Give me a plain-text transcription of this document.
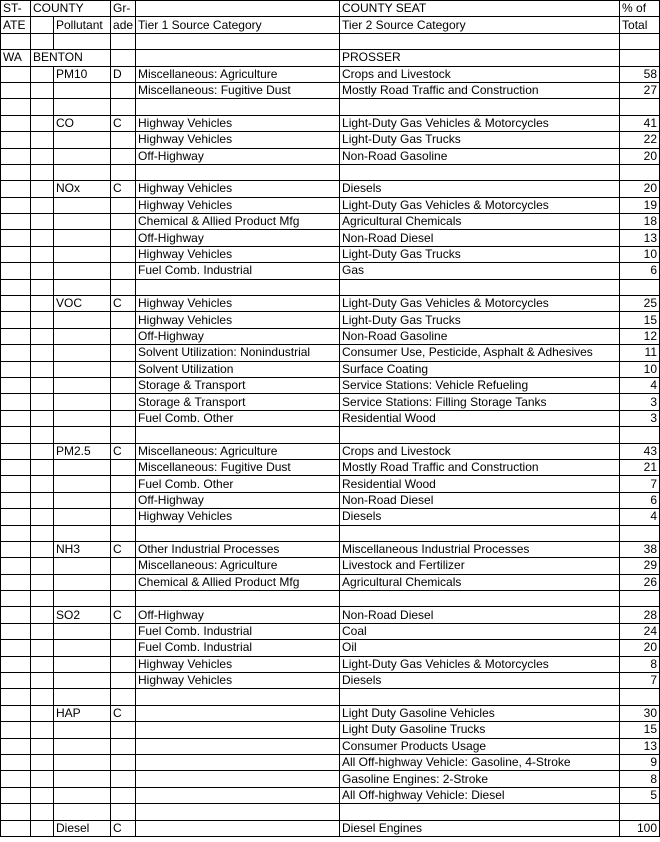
ST-	COUNTY		Gr-		COUNTY SEAT	% of
ATE		Pollutant	ade	Tier 1 Source Category	Tier 2 Source Category	Total

WA	BENTON				PROSSER	
		PM10	D	Miscellaneous: Agriculture	Crops and Livestock	58
				Miscellaneous: Fugitive Dust	Mostly Road Traffic and Construction	27

		CO	C	Highway Vehicles	Light-Duty Gas Vehicles & Motorcycles	41
				Highway Vehicles	Light-Duty Gas Trucks	22
				Off-Highway	Non-Road Gasoline	20

		NOx	C	Highway Vehicles	Diesels	20
				Highway Vehicles	Light-Duty Gas Vehicles & Motorcycles	19
				Chemical & Allied Product Mfg	Agricultural Chemicals	18
				Off-Highway	Non-Road Diesel	13
				Highway Vehicles	Light-Duty Gas Trucks	10
				Fuel Comb. Industrial	Gas	6

		VOC	C	Highway Vehicles	Light-Duty Gas Vehicles & Motorcycles	25
				Highway Vehicles	Light-Duty Gas Trucks	15
				Off-Highway	Non-Road Gasoline	12
				Solvent Utilization: Nonindustrial	Consumer Use, Pesticide, Asphalt & Adhesives	11
				Solvent Utilization	Surface Coating	10
				Storage & Transport	Service Stations: Vehicle Refueling	4
				Storage & Transport	Service Stations: Filling Storage Tanks	3
				Fuel Comb. Other	Residential Wood	3

		PM2.5	C	Miscellaneous: Agriculture	Crops and Livestock	43
				Miscellaneous: Fugitive Dust	Mostly Road Traffic and Construction	21
				Fuel Comb. Other	Residential Wood	7
				Off-Highway	Non-Road Diesel	6
				Highway Vehicles	Diesels	4

		NH3	C	Other Industrial Processes	Miscellaneous Industrial Processes	38
				Miscellaneous: Agriculture	Livestock and Fertilizer	29
				Chemical & Allied Product Mfg	Agricultural Chemicals	26

		SO2	C	Off-Highway	Non-Road Diesel	28
				Fuel Comb. Industrial	Coal	24
				Fuel Comb. Industrial	Oil	20
				Highway Vehicles	Light-Duty Gas Vehicles & Motorcycles	8
				Highway Vehicles	Diesels	7

		HAP	C		Light Duty Gasoline Vehicles	30
					Light Duty Gasoline Trucks	15
					Consumer Products Usage	13
					All Off-highway Vehicle: Gasoline, 4-Stroke	9
					Gasoline Engines: 2-Stroke	8
					All Off-highway Vehicle: Diesel	5

		Diesel	C		Diesel Engines	100
